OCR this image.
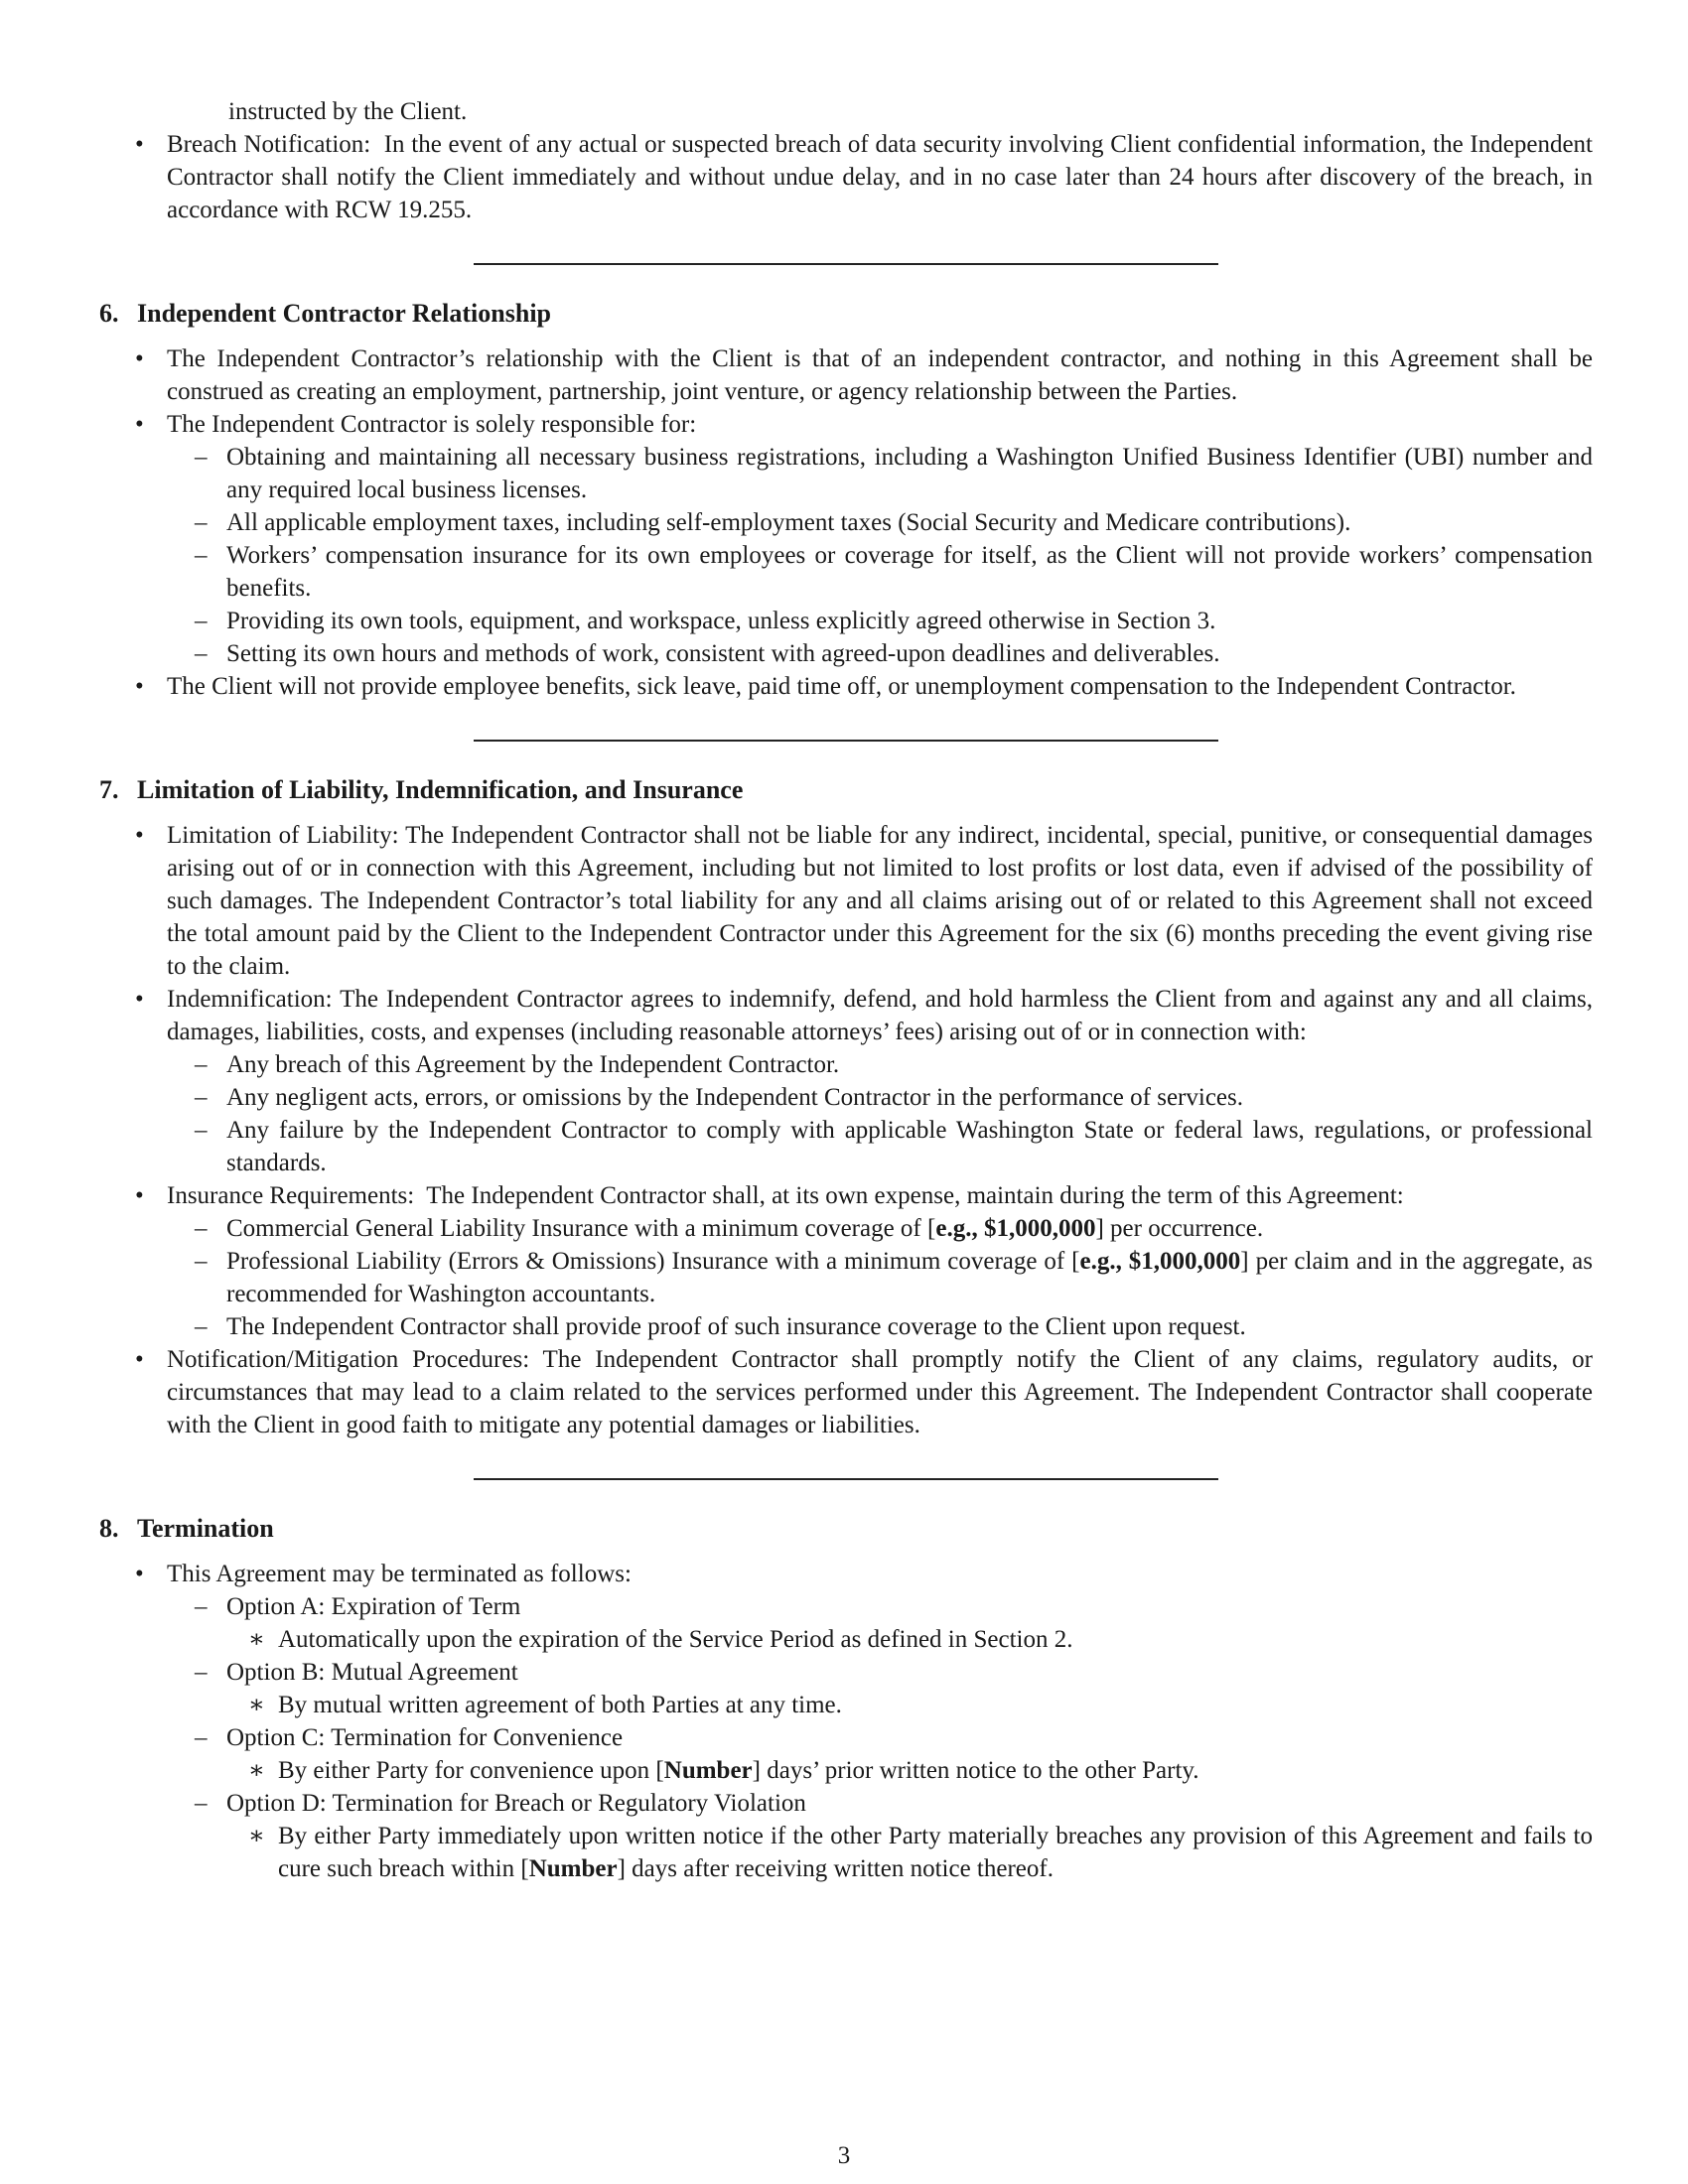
instructed by the Client.
• Breach Notification: In the event of any actual or suspected breach of data security involving Client confidential information, the Independent Contractor shall notify the Client immediately and without undue delay, and in no case later than 24 hours after discovery of the breach, in accordance with RCW 19.255.
6. Independent Contractor Relationship
• The Independent Contractor’s relationship with the Client is that of an independent contractor, and nothing in this Agreement shall be construed as creating an employment, partnership, joint venture, or agency relationship between the Parties.
• The Independent Contractor is solely responsible for:
– Obtaining and maintaining all necessary business registrations, including a Washington Unified Business Identifier (UBI) number and any required local business licenses.
– All applicable employment taxes, including self-employment taxes (Social Security and Medicare contributions).
– Workers’ compensation insurance for its own employees or coverage for itself, as the Client will not provide workers’ compensation benefits.
– Providing its own tools, equipment, and workspace, unless explicitly agreed otherwise in Section 3.
– Setting its own hours and methods of work, consistent with agreed-upon deadlines and deliverables.
• The Client will not provide employee benefits, sick leave, paid time off, or unemployment compensation to the Independent Contractor.
7. Limitation of Liability, Indemnification, and Insurance
• Limitation of Liability: The Independent Contractor shall not be liable for any indirect, incidental, special, punitive, or consequential damages arising out of or in connection with this Agreement, including but not limited to lost profits or lost data, even if advised of the possibility of such damages. The Independent Contractor’s total liability for any and all claims arising out of or related to this Agreement shall not exceed the total amount paid by the Client to the Independent Contractor under this Agreement for the six (6) months preceding the event giving rise to the claim.
• Indemnification: The Independent Contractor agrees to indemnify, defend, and hold harmless the Client from and against any and all claims, damages, liabilities, costs, and expenses (including reasonable attorneys’ fees) arising out of or in connection with:
– Any breach of this Agreement by the Independent Contractor.
– Any negligent acts, errors, or omissions by the Independent Contractor in the performance of services.
– Any failure by the Independent Contractor to comply with applicable Washington State or federal laws, regulations, or professional standards.
• Insurance Requirements: The Independent Contractor shall, at its own expense, maintain during the term of this Agreement:
– Commercial General Liability Insurance with a minimum coverage of [e.g., $1,000,000] per occurrence.
– Professional Liability (Errors & Omissions) Insurance with a minimum coverage of [e.g., $1,000,000] per claim and in the aggregate, as recommended for Washington accountants.
– The Independent Contractor shall provide proof of such insurance coverage to the Client upon request.
• Notification/Mitigation Procedures: The Independent Contractor shall promptly notify the Client of any claims, regulatory audits, or circumstances that may lead to a claim related to the services performed under this Agreement. The Independent Contractor shall cooperate with the Client in good faith to mitigate any potential damages or liabilities.
8. Termination
• This Agreement may be terminated as follows:
– Option A: Expiration of Term
∗ Automatically upon the expiration of the Service Period as defined in Section 2.
– Option B: Mutual Agreement
∗ By mutual written agreement of both Parties at any time.
– Option C: Termination for Convenience
∗ By either Party for convenience upon [Number] days’ prior written notice to the other Party.
– Option D: Termination for Breach or Regulatory Violation
∗ By either Party immediately upon written notice if the other Party materially breaches any provision of this Agreement and fails to cure such breach within [Number] days after receiving written notice thereof.
3
